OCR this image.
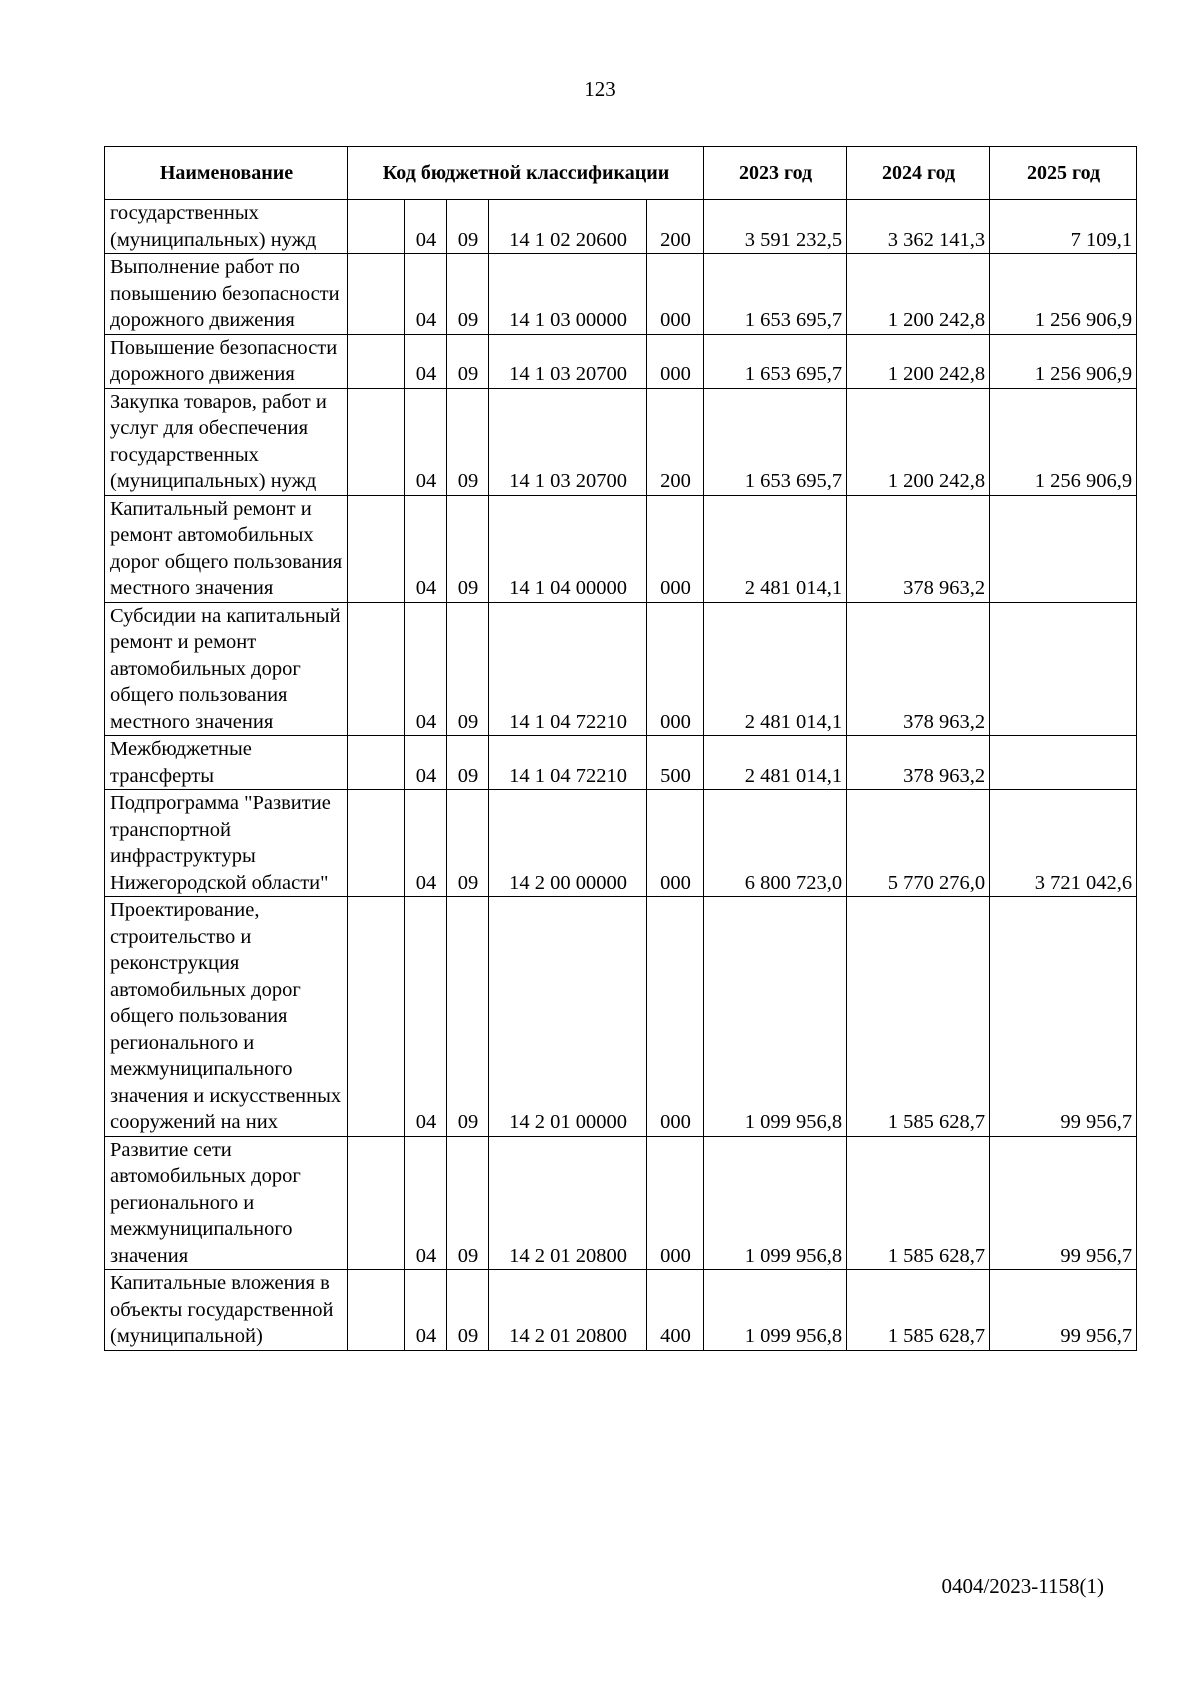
123
Наименование	Код бюджетной классификации					2023 год	2024 год	2025 год
государственных (муниципальных) нужд		04	09	14 1 02 20600	200	3 591 232,5	3 362 141,3	7 109,1
Выполнение работ по повышению безопасности дорожного движения		04	09	14 1 03 00000	000	1 653 695,7	1 200 242,8	1 256 906,9
Повышение безопасности дорожного движения		04	09	14 1 03 20700	000	1 653 695,7	1 200 242,8	1 256 906,9
Закупка товаров, работ и услуг для обеспечения государственных (муниципальных) нужд		04	09	14 1 03 20700	200	1 653 695,7	1 200 242,8	1 256 906,9
Капитальный ремонт и ремонт автомобильных дорог общего пользования местного значения		04	09	14 1 04 00000	000	2 481 014,1	378 963,2	
Субсидии на капитальный ремонт и ремонт автомобильных дорог общего пользования местного значения		04	09	14 1 04 72210	000	2 481 014,1	378 963,2	
Межбюджетные трансферты		04	09	14 1 04 72210	500	2 481 014,1	378 963,2	
Подпрограмма "Развитие транспортной инфраструктуры Нижегородской области"		04	09	14 2 00 00000	000	6 800 723,0	5 770 276,0	3 721 042,6
Проектирование, строительство и реконструкция автомобильных дорог общего пользования регионального и межмуниципального значения и искусственных сооружений на них		04	09	14 2 01 00000	000	1 099 956,8	1 585 628,7	99 956,7
Развитие сети автомобильных дорог регионального и межмуниципального значения		04	09	14 2 01 20800	000	1 099 956,8	1 585 628,7	99 956,7
Капитальные вложения в объекты государственной (муниципальной)		04	09	14 2 01 20800	400	1 099 956,8	1 585 628,7	99 956,7
0404/2023-1158(1)
